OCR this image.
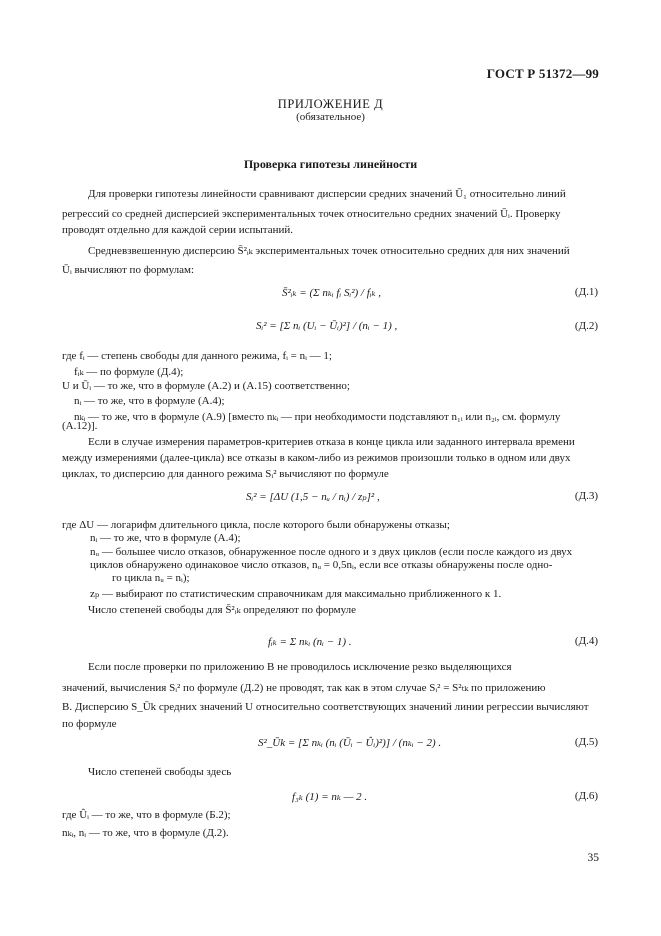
ГОСТ Р 51372—99
ПРИЛОЖЕНИЕ Д
(обязательное)
Проверка гипотезы линейности
Для проверки гипотезы линейности сравнивают дисперсии средних значений Ū₁ относительно линий
регрессий со средней дисперсией экспериментальных точек относительно средних значений Ūᵢ. Проверку
проводят отдельно для каждой серии испытаний.
Средневзвешенную дисперсию S̄²ᵢₖ экспериментальных точек относительно средних для них значений
Ūᵢ вычисляют по формулам:
S̄²ᵢₖ = (Σ nₖᵢ fᵢ Sᵢ²) / fᵢₖ ,	(Д.1)
Sᵢ² = [Σ nᵢ (Uᵢ − Ūᵢ)²] / (nᵢ − 1) ,	(Д.2)
где fᵢ — степень свободы для данного режима, fᵢ = nᵢ — 1;
fᵢₖ — по формуле (Д.4);
U и Ūᵢ — то же, что в формуле (А.2) и (А.15) соответственно;
nᵢ — то же, что в формуле (А.4);
nₖᵢ — то же, что в формуле (А.9) [вместо nₖᵢ — при необходимости подставляют n₁ᵢ или n₂ᵢ, см. формулу
(А.12)].
Если в случае измерения параметров-критериев отказа в конце цикла или заданного интервала времени
между измерениями (далее-цикла) все отказы в каком-либо из режимов произошли только в одном или двух
циклах, то дисперсию для данного режима Sᵢ² вычисляют по формуле
Sᵢ² = [ΔU (1,5 − nᵤ / nᵢ) / zₚ]² ,	(Д.3)
где ΔU — логарифм длительного цикла, после которого были обнаружены отказы;
nᵢ — то же, что в формуле (А.4);
nᵤ — большее число отказов, обнаруженное после одного и з двух циклов (если после каждого из двух
циклов обнаружено одинаковое число отказов, nᵤ = 0,5nᵢ, если все отказы обнаружены после одно-
го цикла nᵤ = nᵢ);
zₚ — выбирают по статистическим справочникам для максимально приближенного к 1.
Число степеней свободы для S̄²ᵢₖ определяют по формуле
fᵢₖ = Σ nₖᵢ (nᵢ − 1) .	(Д.4)
Если после проверки по приложению В не проводилось исключение резко выделяющихся
значений, вычисления Sᵢ² по формуле (Д.2) не проводят, так как в этом случае Sᵢ² = S²ₜₖ по приложению
В. Дисперсию S_Ūk средних значений U относительно соответствующих значений линии регрессии вычисляют
по формуле
S²_Ūk = [Σ nₖᵢ (nᵢ (Ūᵢ − Ûᵢ)²)] / (nₖᵢ − 2) .	(Д.5)
Число степеней свободы здесь
f₃ₖ (1) = nₖ — 2 .	(Д.6)
где Ûᵢ — то же, что в формуле (Б.2);
nₖᵢ, nᵢ — то же, что в формуле (Д.2).
35
